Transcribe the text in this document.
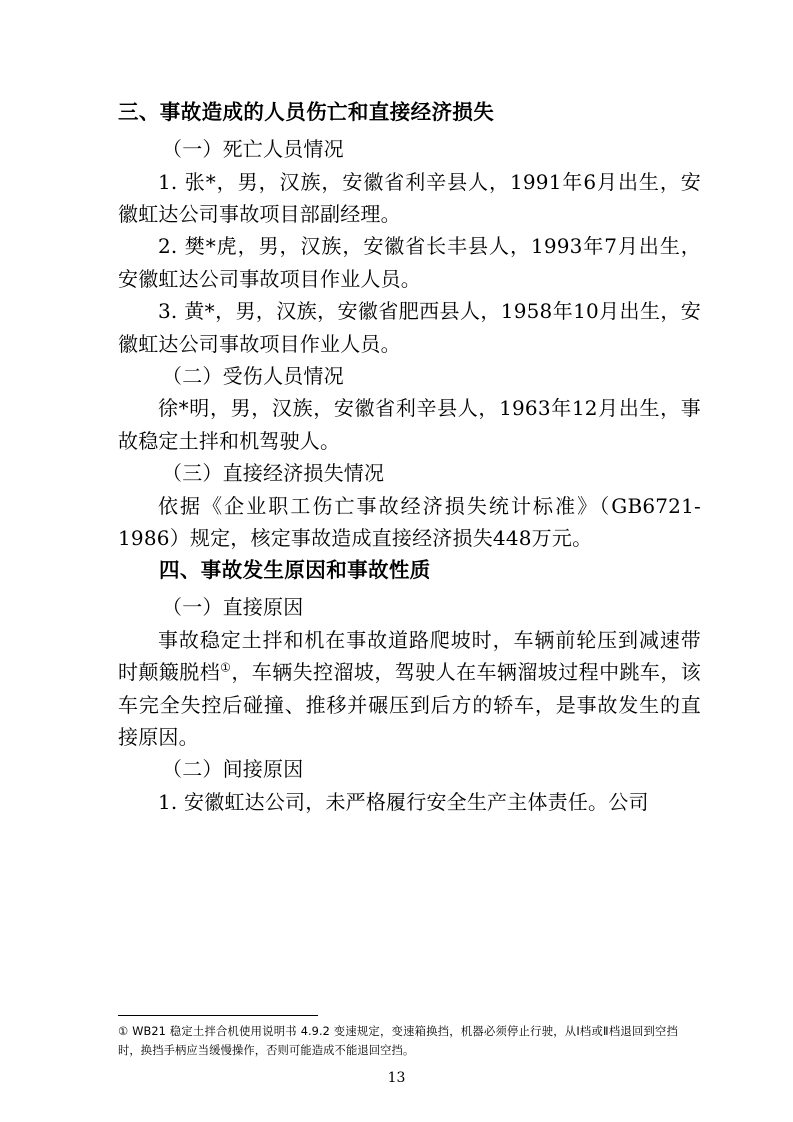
三、事故造成的人员伤亡和直接经济损失

（一）死亡人员情况

1. 张*，男，汉族，安徽省利辛县人，1991年6月出生，安徽虹达公司事故项目部副经理。

2. 樊*虎，男，汉族，安徽省长丰县人，1993年7月出生，安徽虹达公司事故项目作业人员。

3. 黄*，男，汉族，安徽省肥西县人，1958年10月出生，安徽虹达公司事故项目作业人员。

（二）受伤人员情况

徐*明，男，汉族，安徽省利辛县人，1963年12月出生，事故稳定土拌和机驾驶人。

（三）直接经济损失情况

依据《企业职工伤亡事故经济损失统计标准》（GB6721-1986）规定，核定事故造成直接经济损失448万元。

四、事故发生原因和事故性质

（一）直接原因

事故稳定土拌和机在事故道路爬坡时，车辆前轮压到减速带时颠簸脱档①，车辆失控溜坡，驾驶人在车辆溜坡过程中跳车，该车完全失控后碰撞、推移并碾压到后方的轿车，是事故发生的直接原因。

（二）间接原因

1. 安徽虹达公司，未严格履行安全生产主体责任。公司

① WB21 稳定土拌合机使用说明书 4.9.2 变速规定，变速箱换挡，机器必须停止行驶，从Ⅰ档或Ⅱ档退回到空挡时，换挡手柄应当缓慢操作，否则可能造成不能退回空挡。

13
